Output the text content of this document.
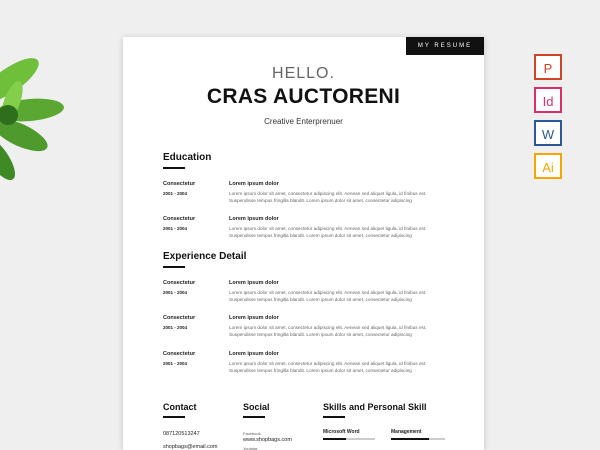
MY RESUME
HELLO.
CRAS AUCTORENI
Creative Enterprenuer
Education
Consectetur
2001 - 2004
Lorem ipsum dolor
Lorem ipsum dolor sit amet, consectetur adipiscing elit. Aenean sed aliquet ligula, id finibus est. Suspendisse tempus fringilla blandit. Lorem ipsum dolor sit amet, consectetur adipiscing
Consectetur
2001 - 2004
Lorem ipsum dolor
Lorem ipsum dolor sit amet, consectetur adipiscing elit. Aenean sed aliquet ligula, id finibus est. Suspendisse tempus fringilla blandit. Lorem ipsum dolor sit amet, consectetur adipiscing
Experience Detail
Consectetur
2001 - 2004
Lorem ipsum dolor
Lorem ipsum dolor sit amet, consectetur adipiscing elit. Aenean sed aliquet ligula, id finibus est. Suspendisse tempus fringilla blandit. Lorem ipsum dolor sit amet, consectetur adipiscing
Consectetur
2001 - 2004
Lorem ipsum dolor
Lorem ipsum dolor sit amet, consectetur adipiscing elit. Aenean sed aliquet ligula, id finibus est. Suspendisse tempus fringilla blandit. Lorem ipsum dolor sit amet, consectetur adipiscing
Consectetur
2001 - 2004
Lorem ipsum dolor
Lorem ipsum dolor sit amet, consectetur adipiscing elit. Aenean sed aliquet ligula, id finibus est. Suspendisse tempus fringilla blandit. Lorem ipsum dolor sit amet, consectetur adipiscing
Contact
087120513247
shopbags@email.com
Social
Facebook
www.shopbags.com
Youtube
Skills and Personal Skill
Microsoft Word	Management
P
Id
W
Ai
